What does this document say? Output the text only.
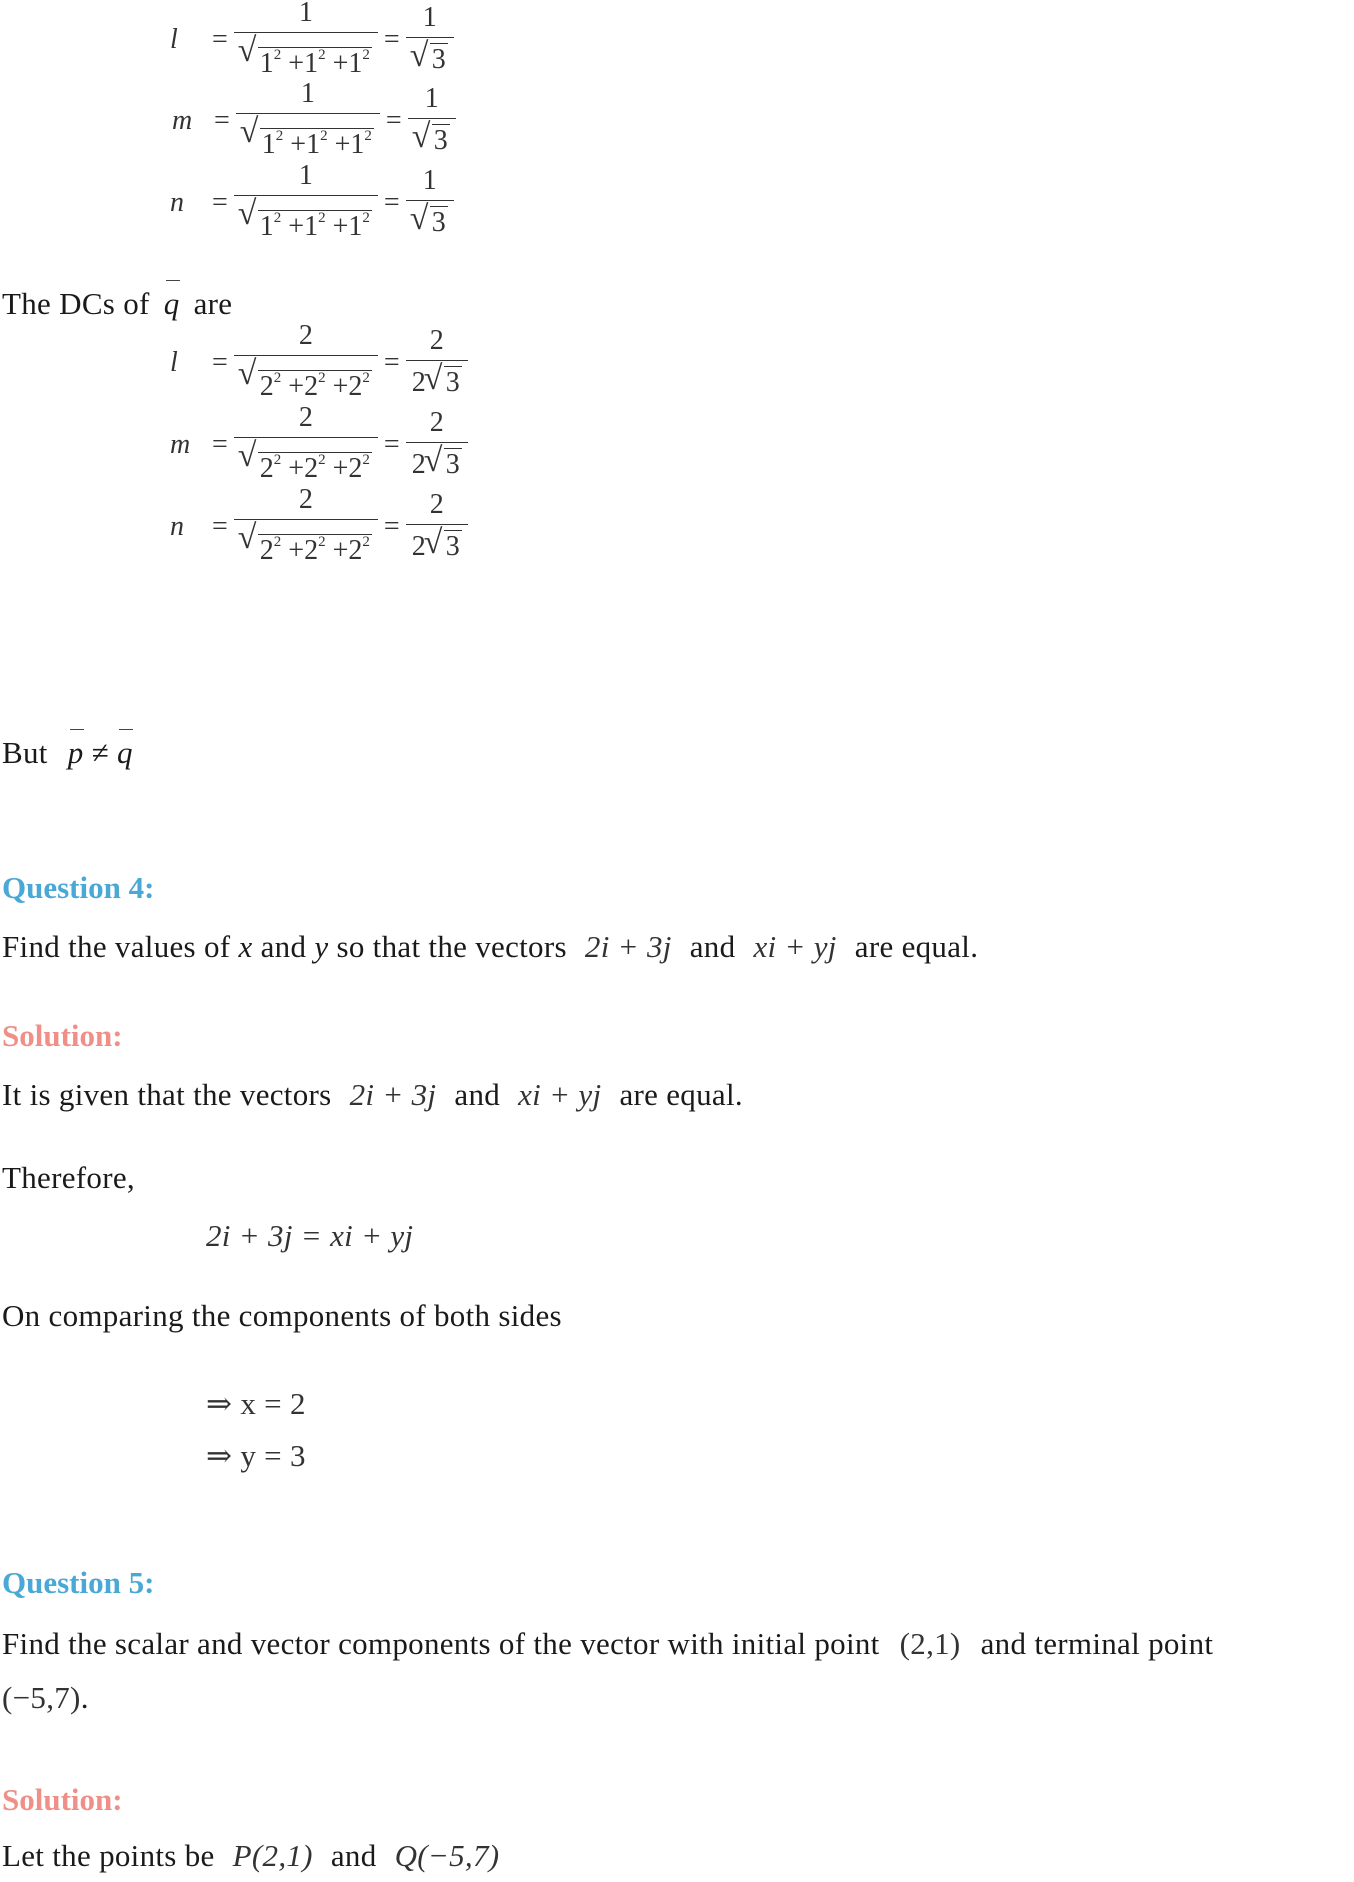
l	= 1
√ $1^2 +1^2 +1^2 = 1$
√ 3
m = 1
√ $1^2 +1^2 +1^2 = 1$
√ 3
n	= 1
√ $1^2 +1^2 +1^2 = 1$
√ 3
The DCs of q are
l	= 2
√ $2^2 +2^2 +2^2 = \frac{2}{2 √ 3}$
m = 2
√ $2^2 +2^2 +2^2 = \frac{2}{2 √ 3}$
n	= 2
√ $2^2 +2^2 +2^2 = \frac{2}{2 √ 3}$
But p ≠ q
Question 4:
Find the values of x and y so that the vectors 2i + 3j and xi + yj are equal.
Solution:
It is given that the vectors 2i + 3j and xi + yj are equal.
Therefore,
2i + 3j = xi + yj
On comparing the components of both sides
⇒ x = 2
⇒ y = 3
Question 5:
Find the scalar and vector components of the vector with initial point (2,1) and terminal point
(−5,7).
Solution:
Let the points be P(2,1) and Q(−5,7)
